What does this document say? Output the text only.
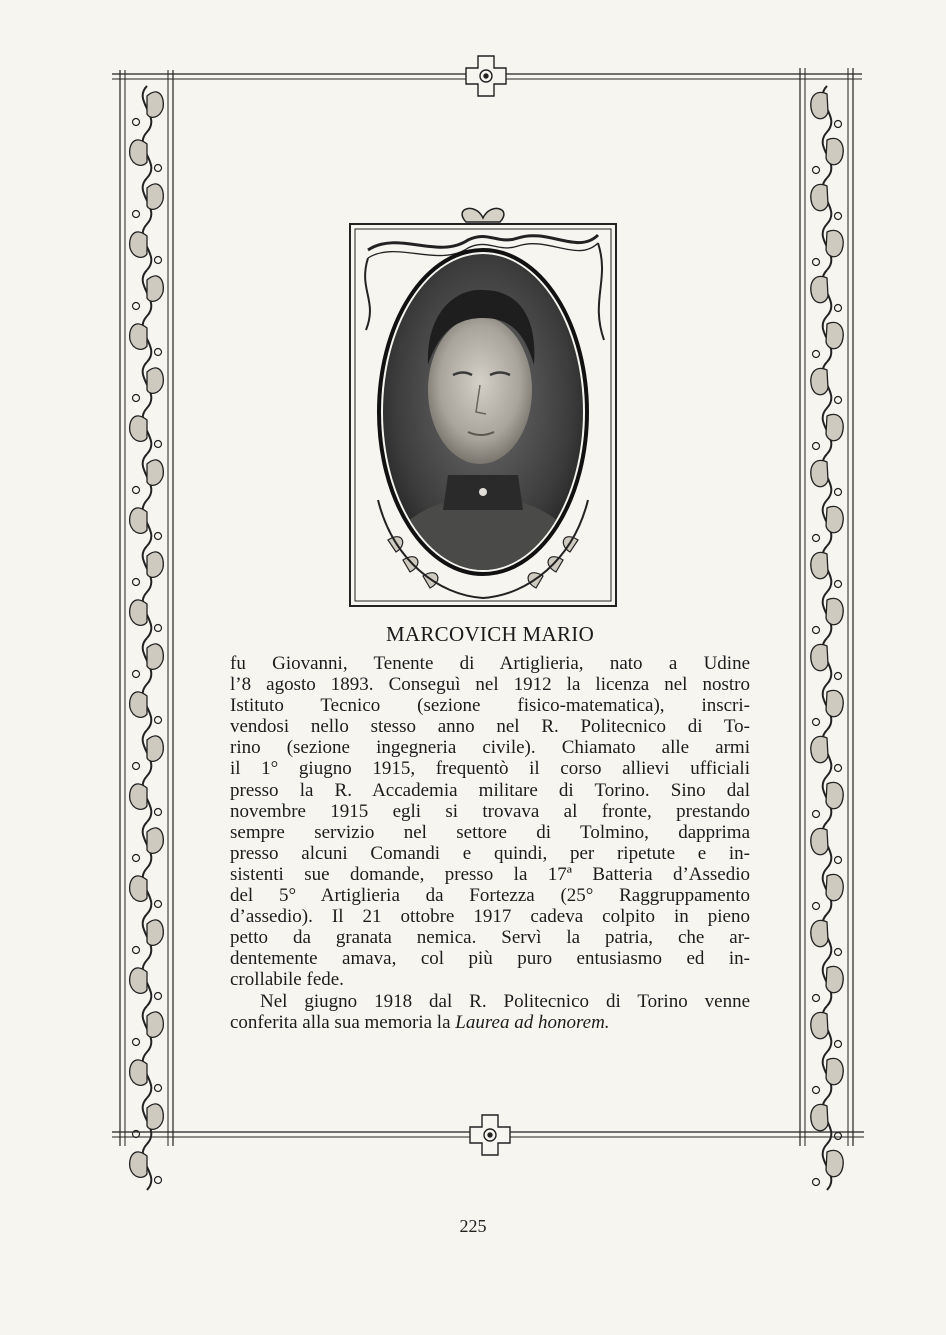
MARCOVICH MARIO
fu Giovanni, Tenente di Artiglieria, nato a Udine
l’8 agosto 1893. Conseguì nel 1912 la licenza nel nostro
Istituto Tecnico (sezione fisico-matematica), inscri-
vendosi nello stesso anno nel R. Politecnico di To-
rino (sezione ingegneria civile). Chiamato alle armi
il 1° giugno 1915, frequentò il corso allievi ufficiali
presso la R. Accademia militare di Torino. Sino dal
novembre 1915 egli si trovava al fronte, prestando
sempre servizio nel settore di Tolmino, dapprima
presso alcuni Comandi e quindi, per ripetute e in-
sistenti sue domande, presso la 17ª Batteria d’Assedio
del 5° Artiglieria da Fortezza (25° Raggruppamento
d’assedio). Il 21 ottobre 1917 cadeva colpito in pieno
petto da granata nemica. Servì la patria, che ar-
dentemente amava, col più puro entusiasmo ed in-
crollabile fede.
Nel giugno 1918 dal R. Politecnico di Torino venne
conferita alla sua memoria la Laurea ad honorem.
225
